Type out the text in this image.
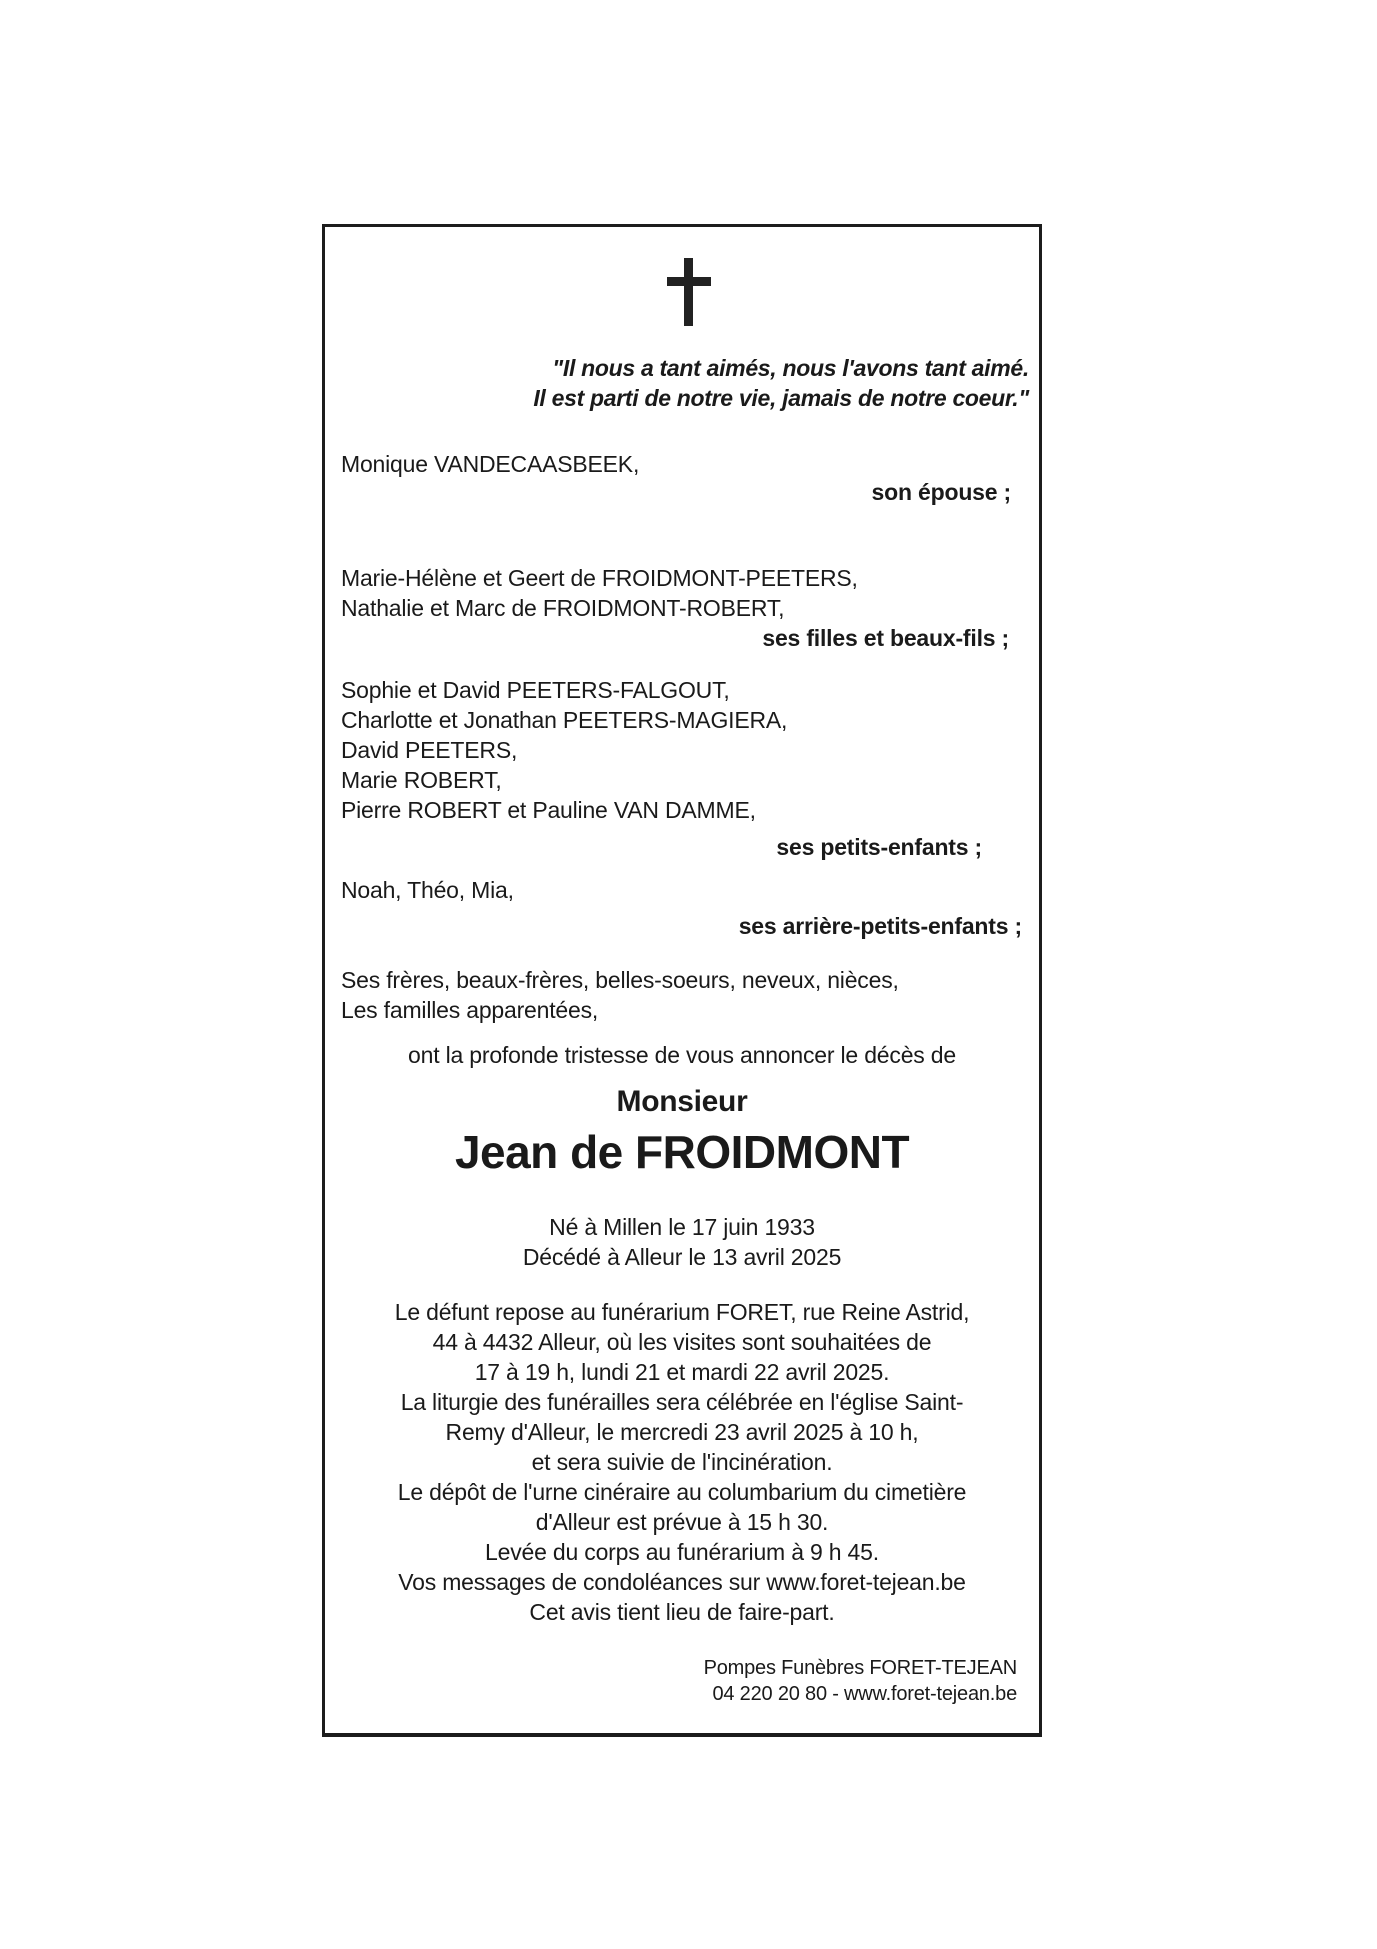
"Il nous a tant aimés, nous l'avons tant aimé.
Il est parti de notre vie, jamais de notre coeur."
Monique VANDECAASBEEK,
son épouse ;
Marie-Hélène et Geert de FROIDMONT-PEETERS,
Nathalie et Marc de FROIDMONT-ROBERT,
ses filles et beaux-fils ;
Sophie et David PEETERS-FALGOUT,
Charlotte et Jonathan PEETERS-MAGIERA,
David PEETERS,
Marie ROBERT,
Pierre ROBERT et Pauline VAN DAMME,
ses petits-enfants ;
Noah, Théo, Mia,
ses arrière-petits-enfants ;
Ses frères, beaux-frères, belles-soeurs, neveux, nièces,
Les familles apparentées,
ont la profonde tristesse de vous annoncer le décès de
Monsieur
Jean de FROIDMONT
Né à Millen le 17 juin 1933
Décédé à Alleur le 13 avril 2025
Le défunt repose au funérarium FORET, rue Reine Astrid,
44 à 4432 Alleur, où les visites sont souhaitées de
17 à 19 h, lundi 21 et mardi 22 avril 2025.
La liturgie des funérailles sera célébrée en l'église Saint-
Remy d'Alleur, le mercredi 23 avril 2025 à 10 h,
et sera suivie de l'incinération.
Le dépôt de l'urne cinéraire au columbarium du cimetière
d'Alleur est prévue à 15 h 30.
Levée du corps au funérarium à 9 h 45.
Vos messages de condoléances sur www.foret-tejean.be
Cet avis tient lieu de faire-part.
Pompes Funèbres FORET-TEJEAN
04 220 20 80 - www.foret-tejean.be
